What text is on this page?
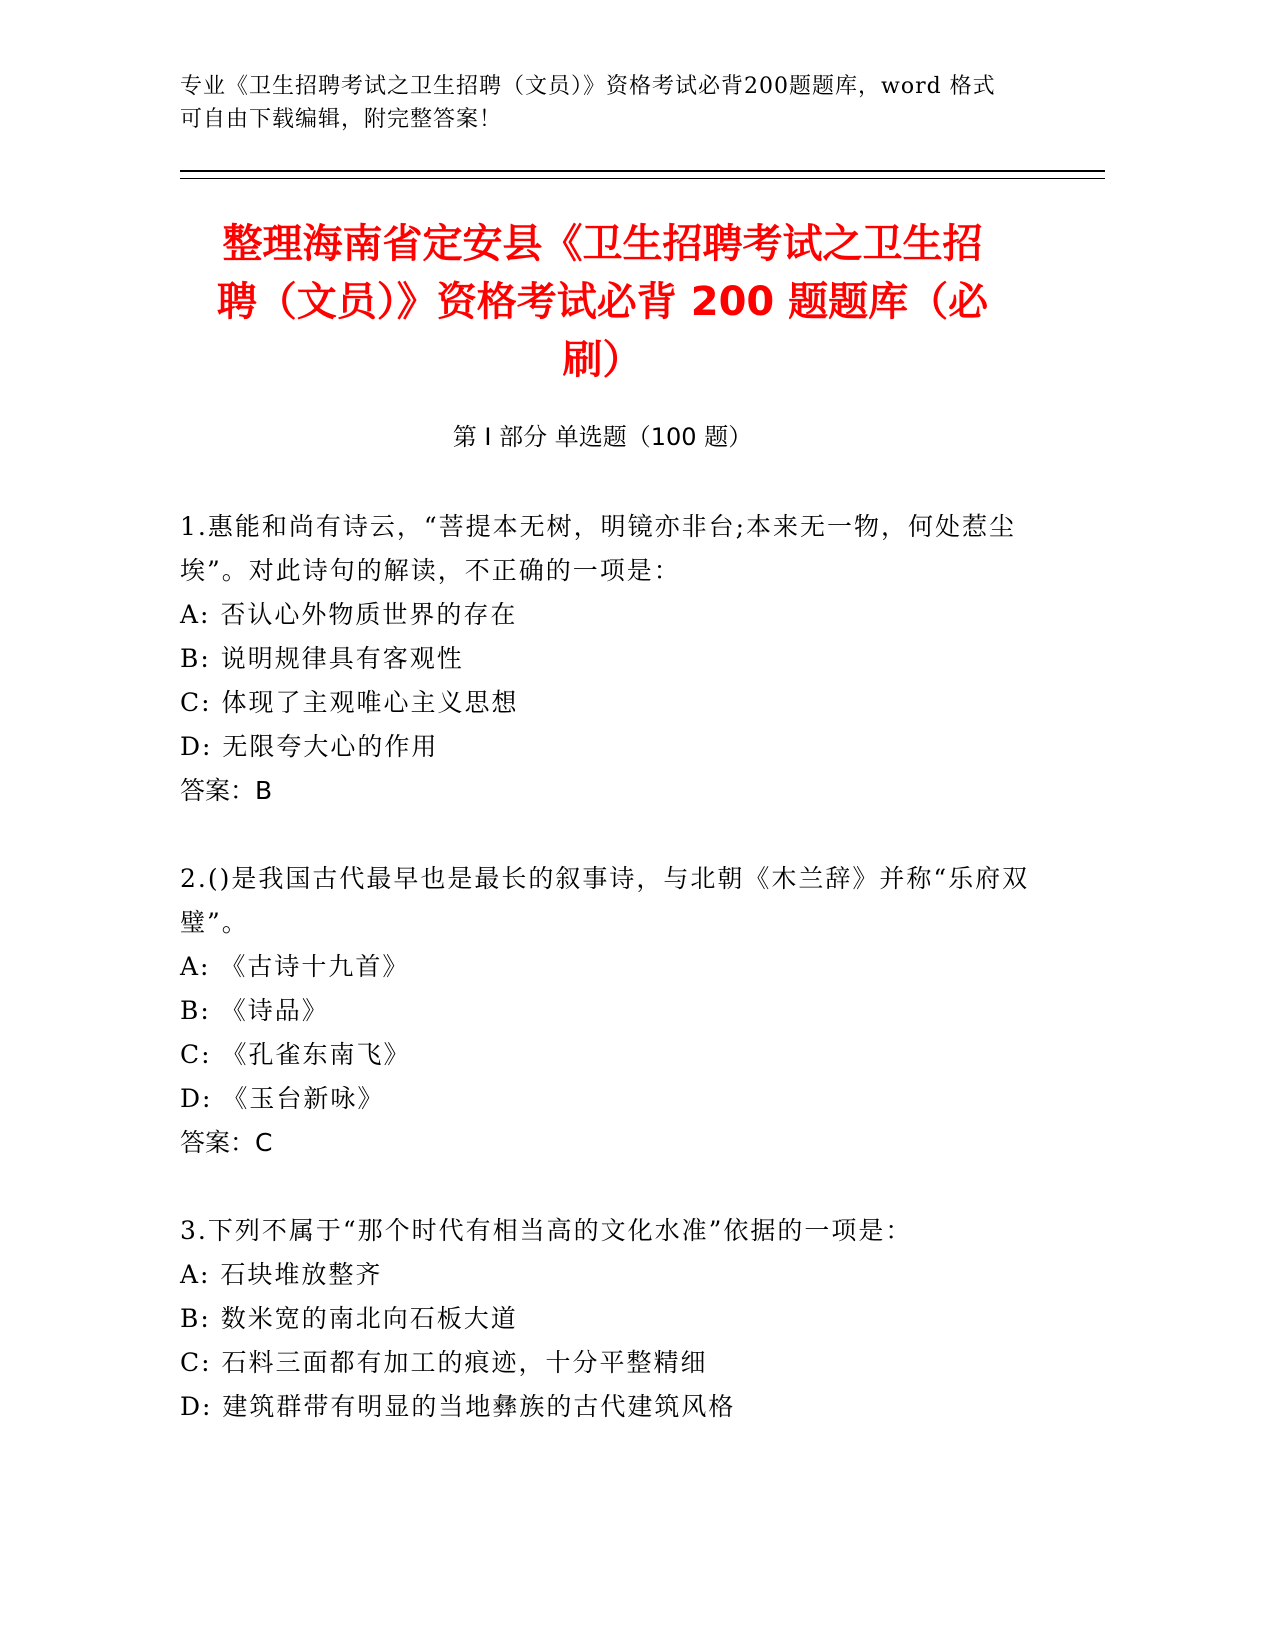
专业《卫生招聘考试之卫生招聘（文员）》资格考试必背200题题库，word 格式
可自由下载编辑，附完整答案！
整理海南省定安县《卫生招聘考试之卫生招
聘（文员）》资格考试必背 200 题题库（必
刷）
第 I 部分 单选题（100 题）

1.惠能和尚有诗云，“菩提本无树，明镜亦非台;本来无一物，何处惹尘埃”。对此诗句的解读，不正确的一项是：

A: 否认心外物质世界的存在

B: 说明规律具有客观性

C: 体现了主观唯心主义思想

D: 无限夸大心的作用

答案：B

2.()是我国古代最早也是最长的叙事诗，与北朝《木兰辞》并称“乐府双璧”。

A: 《古诗十九首》

B: 《诗品》

C: 《孔雀东南飞》

D: 《玉台新咏》

答案：C

3.下列不属于“那个时代有相当高的文化水准”依据的一项是：

A: 石块堆放整齐

B: 数米宽的南北向石板大道

C: 石料三面都有加工的痕迹，十分平整精细

D: 建筑群带有明显的当地彝族的古代建筑风格
